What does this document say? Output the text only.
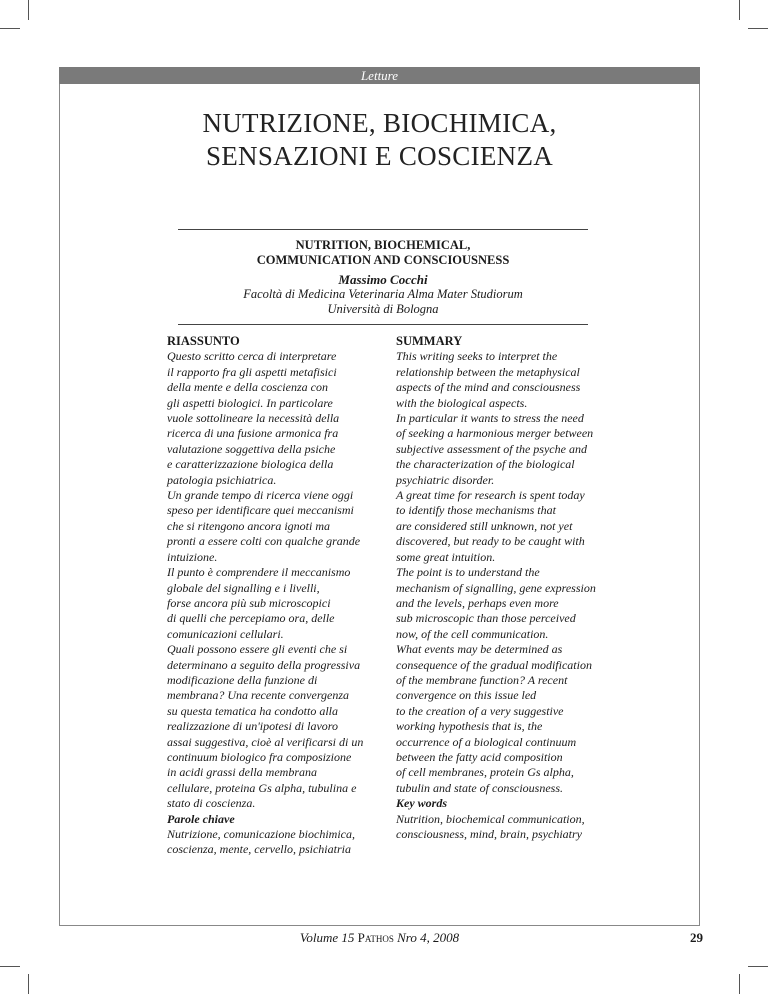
Letture
NUTRIZIONE, BIOCHIMICA,
SENSAZIONI E COSCIENZA
NUTRITION, BIOCHEMICAL,
COMMUNICATION AND CONSCIOUSNESS
Massimo Cocchi
Facoltà di Medicina Veterinaria Alma Mater Studiorum
Università di Bologna
RIASSUNTO
Questo scritto cerca di interpretare
il rapporto fra gli aspetti metafisici
della mente e della coscienza con
gli aspetti biologici. In particolare
vuole sottolineare la necessità della
ricerca di una fusione armonica fra
valutazione soggettiva della psiche
e caratterizzazione biologica della
patologia psichiatrica.
Un grande tempo di ricerca viene oggi
speso per identificare quei meccanismi
che si ritengono ancora ignoti ma
pronti a essere colti con qualche grande
intuizione.
Il punto è comprendere il meccanismo
globale del signalling e i livelli,
forse ancora più sub microscopici
di quelli che percepiamo ora, delle
comunicazioni cellulari.
Quali possono essere gli eventi che si
determinano a seguito della progressiva
modificazione della funzione di
membrana? Una recente convergenza
su questa tematica ha condotto alla
realizzazione di un'ipotesi di lavoro
assai suggestiva, cioè al verificarsi di un
continuum biologico fra composizione
in acidi grassi della membrana
cellulare, proteina Gs alpha, tubulina e
stato di coscienza.
Parole chiave
Nutrizione, comunicazione biochimica,
coscienza, mente, cervello, psichiatria
SUMMARY
This writing seeks to interpret the
relationship between the metaphysical
aspects of the mind and consciousness
with the biological aspects.
In particular it wants to stress the need
of seeking a harmonious merger between
subjective assessment of the psyche and
the characterization of the biological
psychiatric disorder.
A great time for research is spent today
to identify those mechanisms that
are considered still unknown, not yet
discovered, but ready to be caught with
some great intuition.
The point is to understand the
mechanism of signalling, gene expression
and the levels, perhaps even more
sub microscopic than those perceived
now, of the cell communication.
What events may be determined as
consequence of the gradual modification
of the membrane function? A recent
convergence on this issue led
to the creation of a very suggestive
working hypothesis that is, the
occurrence of a biological continuum
between the fatty acid composition
of cell membranes, protein Gs alpha,
tubulin and state of consciousness.
Key words
Nutrition, biochemical communication,
consciousness, mind, brain, psychiatry
Volume 15 Pathos Nro 4, 2008	29
